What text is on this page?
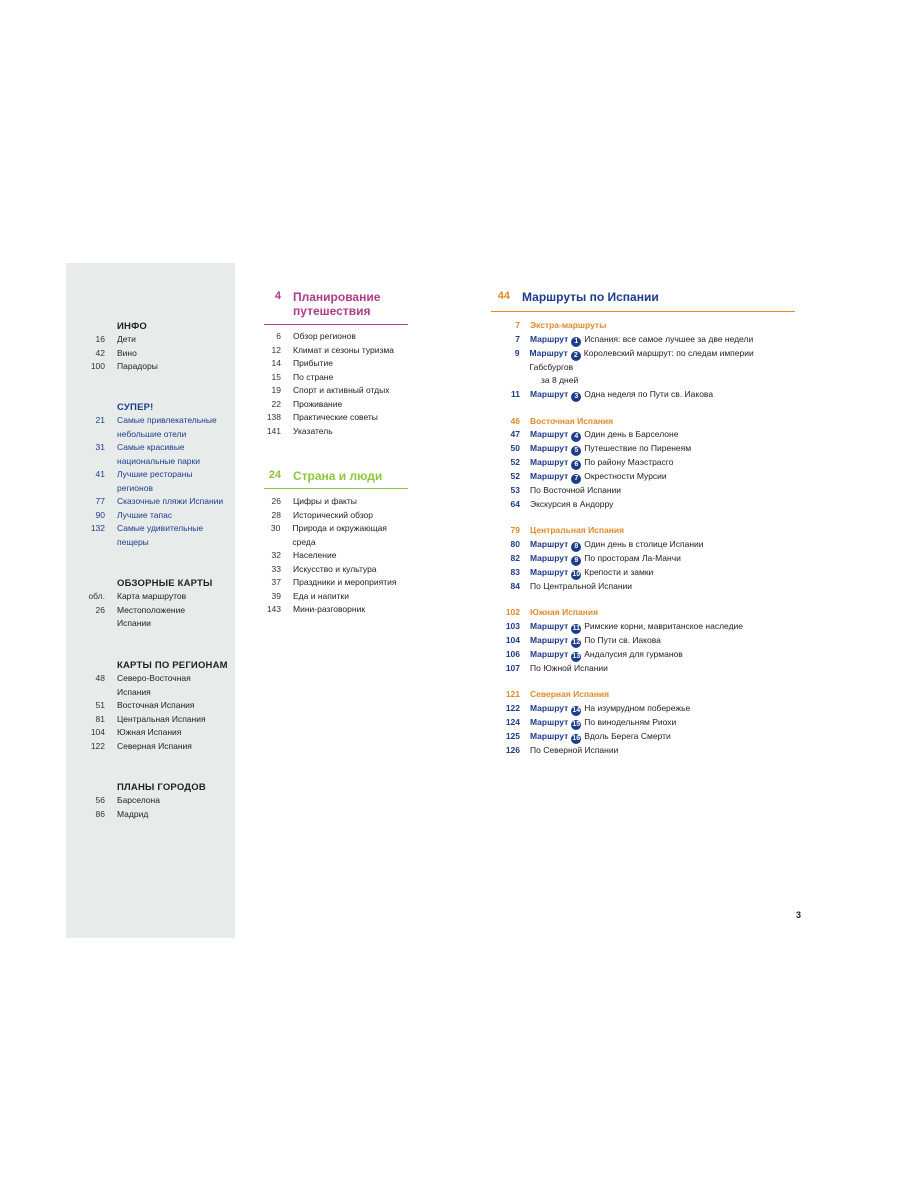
ИНФО
16	Дети
42	Вино
100	Парадоры
СУПЕР!
21	Самые привлекательные
небольшие отели
31	Самые красивые
национальные парки
41	Лучшие рестораны
регионов
77	Сказочные пляжи Испании
90	Лучшие тапас
132	Самые удивительные
пещеры
ОБЗОРНЫЕ КАРТЫ
обл.	Карта маршрутов
26	Местоположение
Испании
КАРТЫ ПО РЕГИОНАМ
48	Северо-Восточная
Испания
51	Восточная Испания
81	Центральная Испания
104	Южная Испания
122	Северная Испания
ПЛАНЫ ГОРОДОВ
56	Барселона
86	Мадрид
4	Планирование
путешествия
6	Обзор регионов
12	Климат и сезоны туризма
14	Прибытие
15	По стране
19	Спорт и активный отдых
22	Проживание
138	Практические советы
141	Указатель
24	Страна и люди
26	Цифры и факты
28	Исторический обзор
30	Природа и окружающая среда
32	Население
33	Искусство и культура
37	Праздники и мероприятия
39	Еда и напитки
143	Мини-разговорник
44	Маршруты по Испании
7	Экстра-маршруты
7	Маршрут 1 Испания: все самое лучшее за две недели
9	Маршрут 2 Королевский маршрут: по следам империи Габсбургов
за 8 дней
11	Маршрут 3 Одна неделя по Пути св. Иакова
46	Восточная Испания
47	Маршрут 4 Один день в Барселоне
50	Маршрут 5 Путешествие по Пиренеям
52	Маршрут 6 По району Маэстрасго
52	Маршрут 7 Окрестности Мурсии
53	По Восточной Испании
64	Экскурсия в Андорру
79	Центральная Испания
80	Маршрут 8 Один день в столице Испании
82	Маршрут 9 По просторам Ла-Манчи
83	Маршрут 10 Крепости и замки
84	По Центральной Испании
102	Южная Испания
103	Маршрут 11 Римские корни, мавританское наследие
104	Маршрут 12 По Пути св. Иакова
106	Маршрут 13 Андалусия для гурманов
107	По Южной Испании
121	Северная Испания
122	Маршрут 14 На изумрудном побережье
124	Маршрут 15 По винодельням Риохи
125	Маршрут 16 Вдоль Берега Смерти
126	По Северной Испании
3
